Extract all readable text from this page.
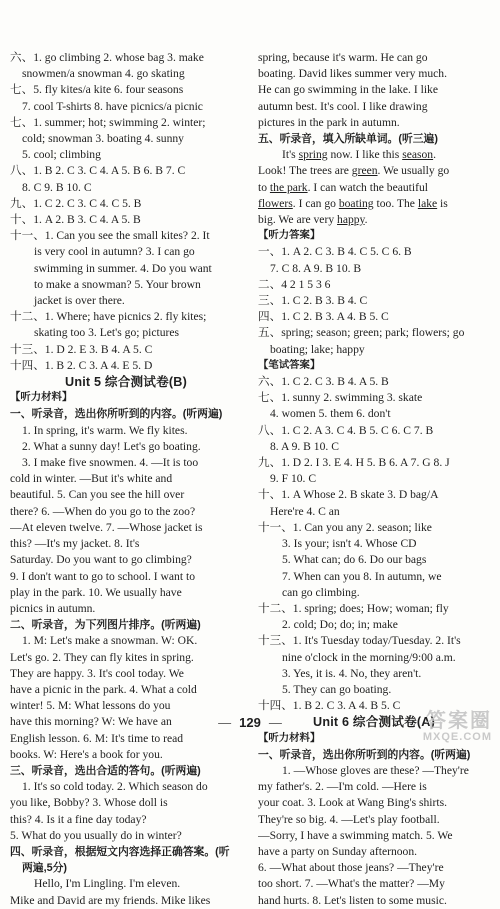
六、1. go climbing 2. whose bag 3. make
snowmen/a snowman 4. go skating
七、5. fly kites/a kite 6. four seasons
7. cool T-shirts 8. have picnics/a picnic
七、1. summer; hot; swimming 2. winter;
cold; snowman 3. boating 4. sunny
5. cool; climbing
八、1. B 2. C 3. C 4. A 5. B 6. B 7. C
8. C 9. B 10. C
九、1. C 2. C 3. C 4. C 5. B
十、1. A 2. B 3. C 4. A 5. B
十一、1. Can you see the small kites? 2. It
is very cool in autumn? 3. I can go
swimming in summer. 4. Do you want
to make a snowman? 5. Your brown
jacket is over there.
十二、1. Where; have picnics 2. fly kites;
skating too 3. Let's go; pictures
十三、1. D 2. E 3. B 4. A 5. C
十四、1. B 2. C 3. A 4. E 5. D
Unit 5 综合测试卷(B)
【听力材料】
一、听录音，选出你所听到的内容。(听两遍)
1. In spring, it's warm. We fly kites.
2. What a sunny day! Let's go boating.
3. I make five snowmen. 4. —It is too
cold in winter. —But it's white and
beautiful. 5. Can you see the hill over
there? 6. —When do you go to the zoo?
—At eleven twelve. 7. —Whose jacket is
this? —It's my jacket. 8. It's
Saturday. Do you want to go climbing?
9. I don't want to go to school. I want to
play in the park. 10. We usually have
picnics in autumn.
二、听录音，为下列图片排序。(听两遍)
1. M: Let's make a snowman. W: OK.
Let's go. 2. They can fly kites in spring.
They are happy. 3. It's cool today. We
have a picnic in the park. 4. What a cold
winter! 5. M: What lessons do you
have this morning? W: We have an
English lesson. 6. M: It's time to read
books. W: Here's a book for you.
三、听录音，选出合适的答句。(听两遍)
1. It's so cold today. 2. Which season do
you like, Bobby? 3. Whose doll is
this? 4. Is it a fine day today?
5. What do you usually do in winter?
四、听录音，根据短文内容选择正确答案。(听
两遍,5分)
Hello, I'm Lingling. I'm eleven.
Mike and David are my friends. Mike likes
spring, because it's warm. He can go
boating. David likes summer very much.
He can go swimming in the lake. I like
autumn best. It's cool. I like drawing
pictures in the park in autumn.
五、听录音，填入所缺单词。(听三遍)
It's spring now. I like this season.
Look! The trees are green. We usually go
to the park. I can watch the beautiful
flowers. I can go boating too. The lake is
big. We are very happy.
【听力答案】
一、1. A 2. C 3. B 4. C 5. C 6. B
7. C 8. A 9. B 10. B
二、4 2 1 5 3 6
三、1. C 2. B 3. B 4. C
四、1. C 2. B 3. A 4. B 5. C
五、spring; season; green; park; flowers; go
boating; lake; happy
【笔试答案】
六、1. C 2. C 3. B 4. A 5. B
七、1. sunny 2. swimming 3. skate
4. women 5. them 6. don't
八、1. C 2. A 3. C 4. B 5. C 6. C 7. B
8. A 9. B 10. C
九、1. D 2. I 3. E 4. H 5. B 6. A 7. G 8. J
9. F 10. C
十、1. A Whose 2. B skate 3. D bag/A
Here're 4. C an
十一、1. Can you any 2. season; like
3. Is your; isn't 4. Whose CD
5. What can; do 6. Do our bags
7. When can you 8. In autumn, we
can go climbing.
十二、1. spring; does; How; woman; fly
2. cold; Do; do; in; make
十三、1. It's Tuesday today/Tuesday. 2. It's
nine o'clock in the morning/9:00 a.m.
3. Yes, it is. 4. No, they aren't.
5. They can go boating.
十四、1. B 2. C 3. A 4. B 5. C
Unit 6 综合测试卷(A)
【听力材料】
一、听录音，选出你所听到的内容。(听两遍)
1. —Whose gloves are these? —They're
my father's. 2. —I'm cold. —Here is
your coat. 3. Look at Wang Bing's shirts.
They're so big. 4. —Let's play football.
—Sorry, I have a swimming match. 5. We
have a party on Sunday afternoon.
6. —What about those jeans? —They're
too short. 7. —What's the matter? —My
hand hurts. 8. Let's listen to some music.
— 129 —	答案圈
MXQE.COM
